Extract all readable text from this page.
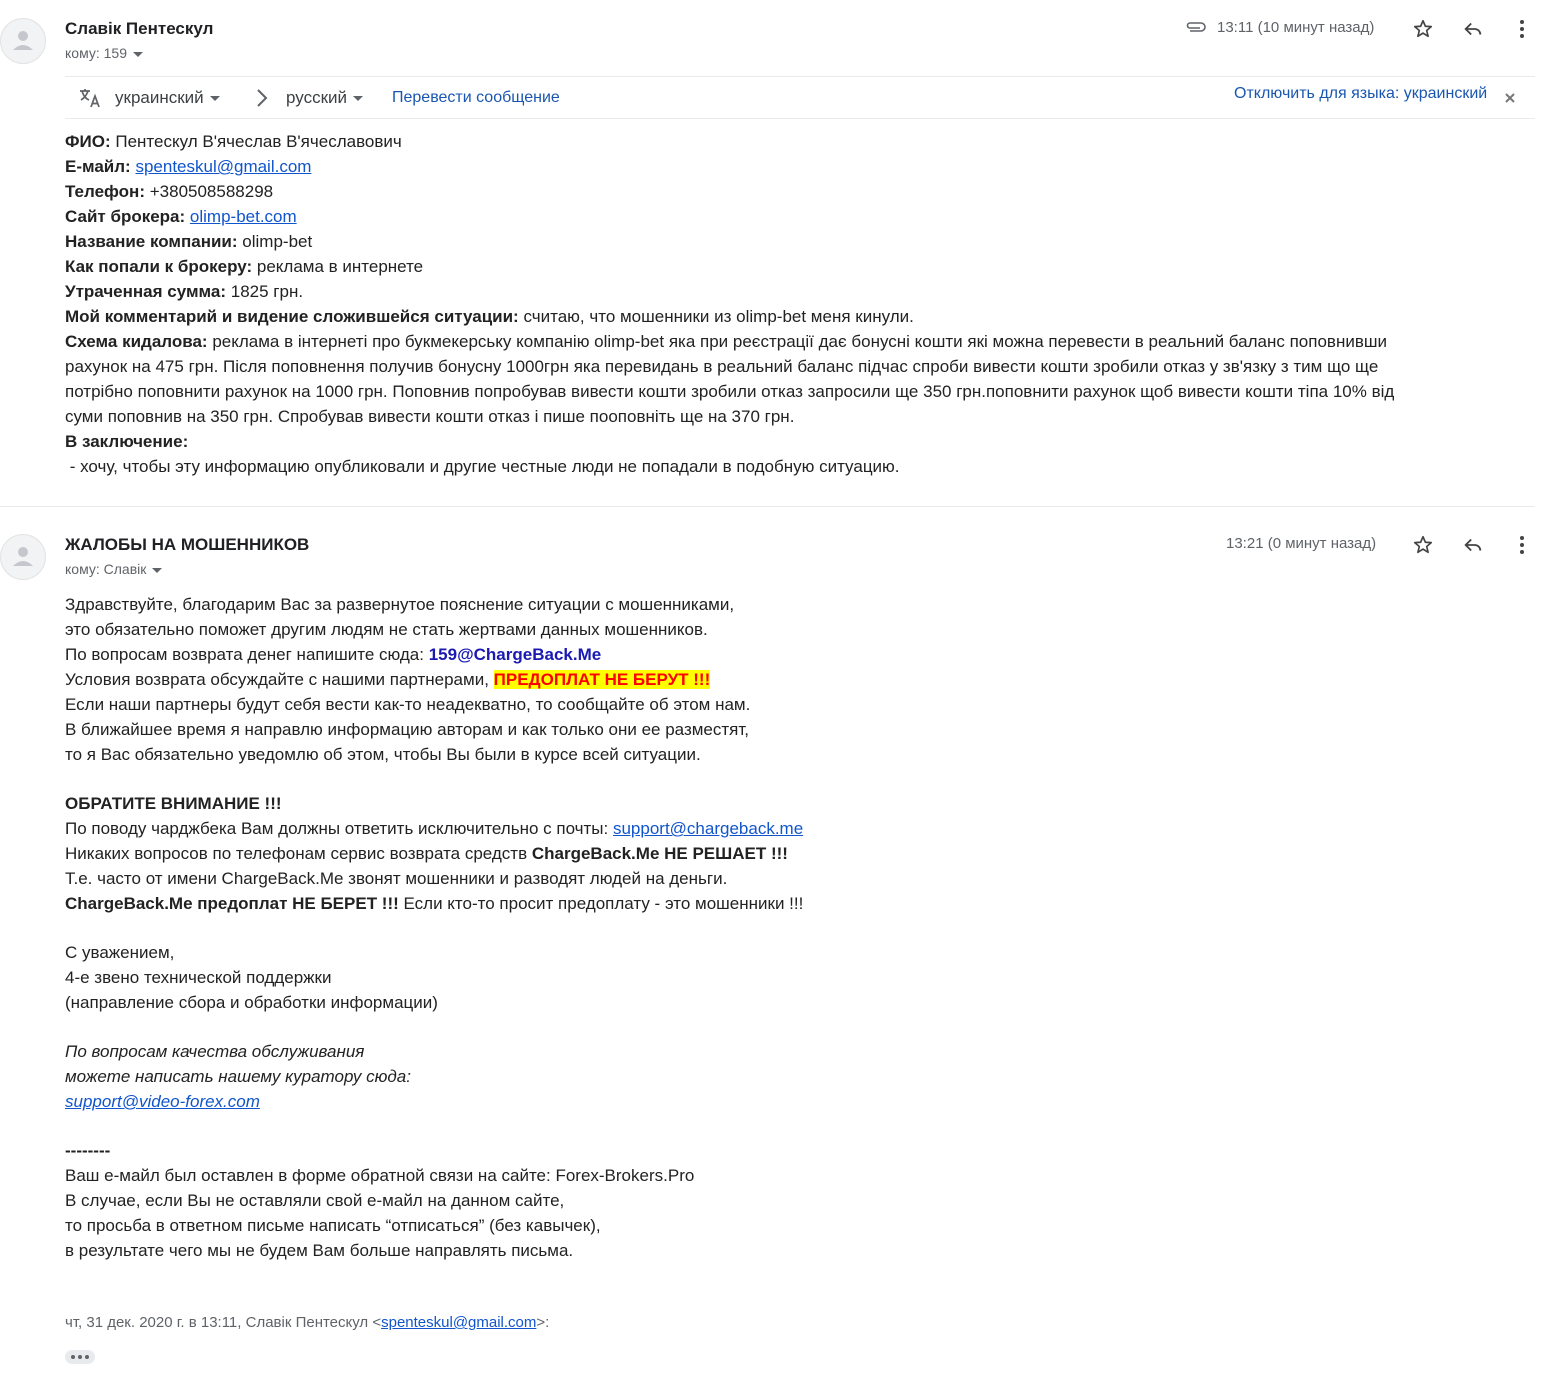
Славік Пентескул
кому: 159
13:11 (10 минут назад)
украинский	русский	Перевести сообщение	Отключить для языка: украинский
ФИО: Пентескул В'ячеслав В'ячеславович
Е-майл: spenteskul@gmail.com
Телефон: +380508588298
Сайт брокера: olimp-bet.com
Название компании: olimp-bet
Как попали к брокеру: реклама в интернете
Утраченная сумма: 1825 грн.
Мой комментарий и видение сложившейся ситуации: считаю, что мошенники из olimp-bet меня кинули.
Схема кидалова: реклама в інтернеті про букмекерську компанію olimp-bet яка при реєстрації дає бонусні кошти які можна перевести в реальний баланс поповнивши
рахунок на 475 грн. Після поповнення получив бонусну 1000грн яка перевидань в реальний баланс підчас спроби вивести кошти зробили отказ у зв'язку з тим що ще
потрібно поповнити рахунок на 1000 грн. Поповнив попробував вивести кошти зробили отказ запросили ще 350 грн.поповнити рахунок щоб вивести кошти тіпа 10% від
суми поповнив на 350 грн. Спробував вивести кошти отказ і пише пооповніть ще на 370 грн.
В заключение:
- хочу, чтобы эту информацию опубликовали и другие честные люди не попадали в подобную ситуацию.
ЖАЛОБЫ НА МОШЕННИКОВ
кому: Славік
13:21 (0 минут назад)
Здравствуйте, благодарим Вас за развернутое пояснение ситуации с мошенниками,
это обязательно поможет другим людям не стать жертвами данных мошенников.
По вопросам возврата денег напишите сюда: 159@ChargeBack.Me
Условия возврата обсуждайте с нашими партнерами, ПРЕДОПЛАТ НЕ БЕРУТ !!!
Если наши партнеры будут себя вести как-то неадекватно, то сообщайте об этом нам.
В ближайшее время я направлю информацию авторам и как только они ее разместят,
то я Вас обязательно уведомлю об этом, чтобы Вы были в курсе всей ситуации.
ОБРАТИТЕ ВНИМАНИЕ !!!
По поводу чарджбека Вам должны ответить исключительно с почты: support@chargeback.me
Никаких вопросов по телефонам сервис возврата средств ChargeBack.Me НЕ РЕШАЕТ !!!
Т.е. часто от имени ChargeBack.Me звонят мошенники и разводят людей на деньги.
ChargeBack.Me предоплат НЕ БЕРЕТ !!! Если кто-то просит предоплату - это мошенники !!!
С уважением,
4-е звено технической поддержки
(направление сбора и обработки информации)
По вопросам качества обслуживания
можете написать нашему куратору сюда:
support@video-forex.com
--------
Ваш е-майл был оставлен в форме обратной связи на сайте: Forex-Brokers.Pro
В случае, если Вы не оставляли свой е-майл на данном сайте,
то просьба в ответном письме написать “отписаться” (без кавычек),
в результате чего мы не будем Вам больше направлять письма.
чт, 31 дек. 2020 г. в 13:11, Славік Пентескул <spenteskul@gmail.com>:
